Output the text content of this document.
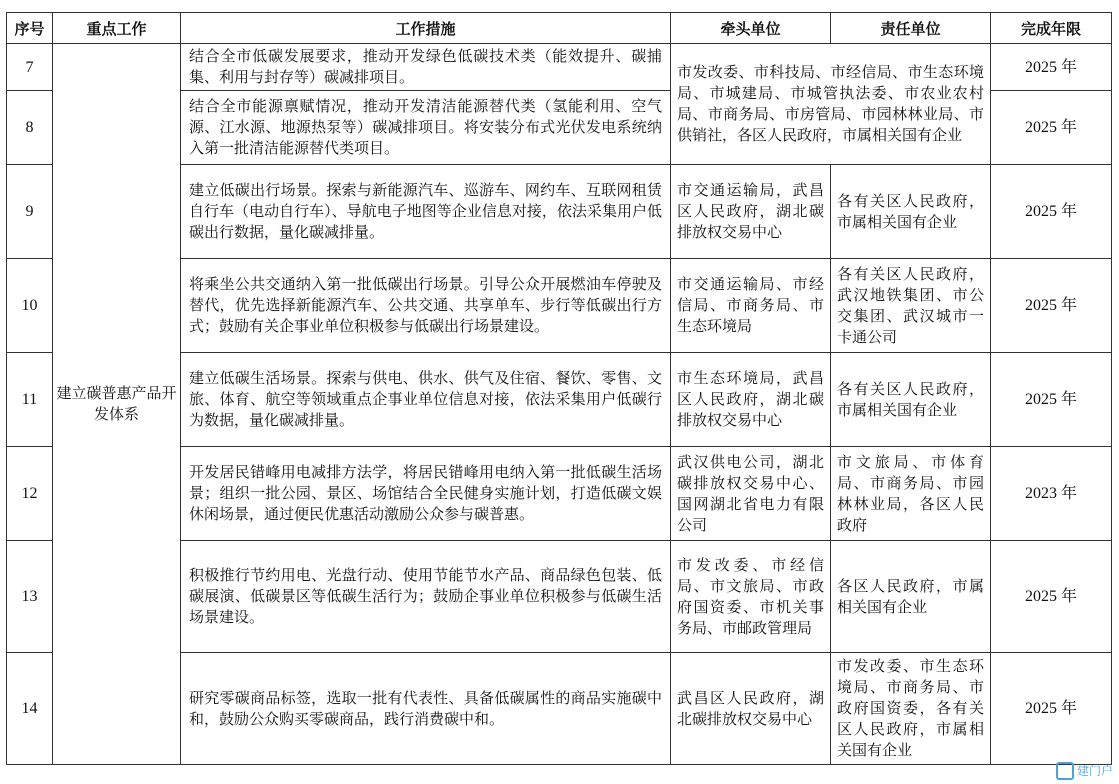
序号	重点工作	工作措施	牵头单位	责任单位	完成年限
7	建立碳普惠产品开发体系	结合全市低碳发展要求，推动开发绿色低碳技术类（能效提升、碳捕集、利用与封存等）碳减排项目。	市发改委、市科技局、市经信局、市生态环境局、市城建局、市城管执法委、市农业农村局、市商务局、市房管局、市园林林业局、市供销社，各区人民政府，市属相关国有企业		2025 年
8		结合全市能源禀赋情况，推动开发清洁能源替代类（氢能利用、空气源、江水源、地源热泵等）碳减排项目。将安装分布式光伏发电系统纳入第一批清洁能源替代类项目。			2025 年
9		建立低碳出行场景。探索与新能源汽车、巡游车、网约车、互联网租赁自行车（电动自行车）、导航电子地图等企业信息对接，依法采集用户低碳出行数据，量化碳减排量。	市交通运输局，武昌区人民政府，湖北碳排放权交易中心	各有关区人民政府，市属相关国有企业	2025 年
10		将乘坐公共交通纳入第一批低碳出行场景。引导公众开展燃油车停驶及替代，优先选择新能源汽车、公共交通、共享单车、步行等低碳出行方式；鼓励有关企事业单位积极参与低碳出行场景建设。	市交通运输局、市经信局、市商务局、市生态环境局	各有关区人民政府，武汉地铁集团、市公交集团、武汉城市一卡通公司	2025 年
11		建立低碳生活场景。探索与供电、供水、供气及住宿、餐饮、零售、文旅、体育、航空等领域重点企事业单位信息对接，依法采集用户低碳行为数据，量化碳减排量。	市生态环境局，武昌区人民政府，湖北碳排放权交易中心	各有关区人民政府，市属相关国有企业	2025 年
12		开发居民错峰用电减排方法学，将居民错峰用电纳入第一批低碳生活场景；组织一批公园、景区、场馆结合全民健身实施计划，打造低碳文娱休闲场景，通过便民优惠活动激励公众参与碳普惠。	武汉供电公司，湖北碳排放权交易中心、国网湖北省电力有限公司	市文旅局、市体育局、市商务局、市园林林业局，各区人民政府	2023 年
13		积极推行节约用电、光盘行动、使用节能节水产品、商品绿色包装、低碳展演、低碳景区等低碳生活行为；鼓励企事业单位积极参与低碳生活场景建设。	市发改委、市经信局、市文旅局、市政府国资委、市机关事务局、市邮政管理局	各区人民政府，市属相关国有企业	2025 年
14		研究零碳商品标签，选取一批有代表性、具备低碳属性的商品实施碳中和，鼓励公众购买零碳商品，践行消费碳中和。	武昌区人民政府，湖北碳排放权交易中心	市发改委、市生态环境局、市商务局、市政府国资委，各有关区人民政府，市属相关国有企业	2025 年
建门户
